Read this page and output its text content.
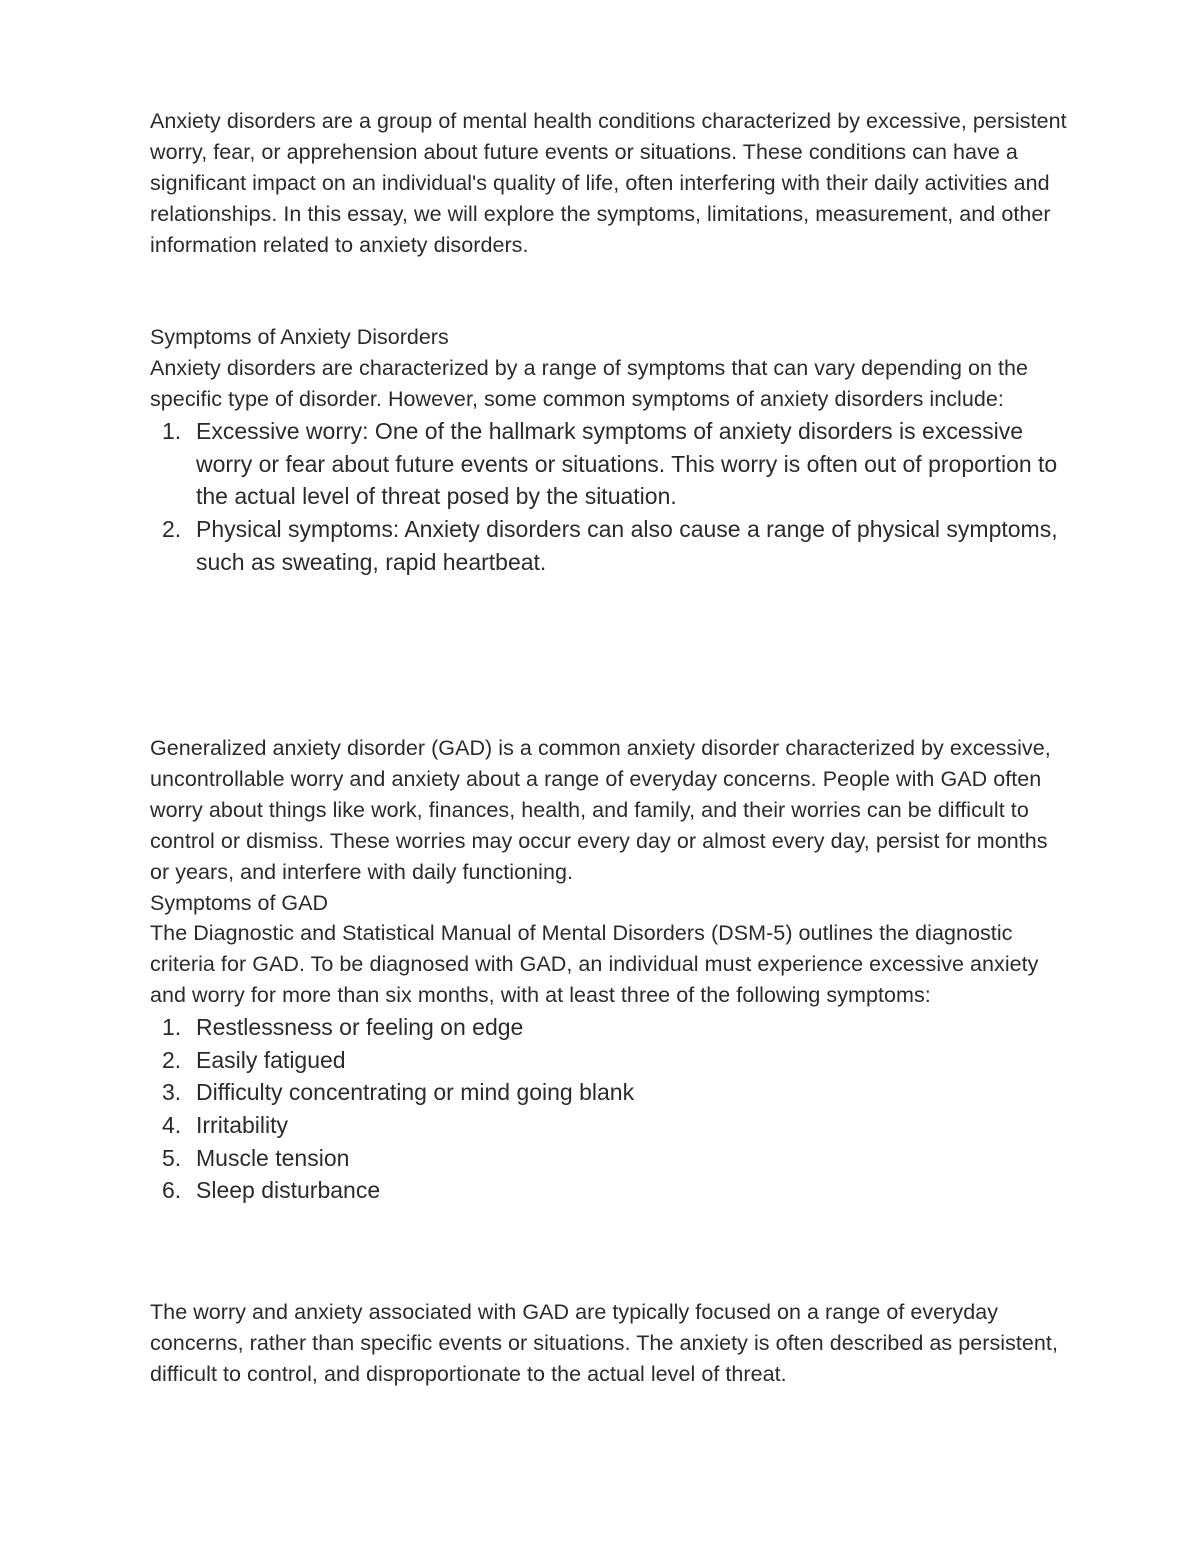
Anxiety disorders are a group of mental health conditions characterized by excessive, persistent worry, fear, or apprehension about future events or situations. These conditions can have a significant impact on an individual's quality of life, often interfering with their daily activities and relationships. In this essay, we will explore the symptoms, limitations, measurement, and other information related to anxiety disorders.

Symptoms of Anxiety Disorders

Anxiety disorders are characterized by a range of symptoms that can vary depending on the specific type of disorder. However, some common symptoms of anxiety disorders include:

1. Excessive worry: One of the hallmark symptoms of anxiety disorders is excessive worry or fear about future events or situations. This worry is often out of proportion to the actual level of threat posed by the situation.
2. Physical symptoms: Anxiety disorders can also cause a range of physical symptoms, such as sweating, rapid heartbeat.

Generalized anxiety disorder (GAD) is a common anxiety disorder characterized by excessive, uncontrollable worry and anxiety about a range of everyday concerns. People with GAD often worry about things like work, finances, health, and family, and their worries can be difficult to control or dismiss. These worries may occur every day or almost every day, persist for months or years, and interfere with daily functioning.

Symptoms of GAD

The Diagnostic and Statistical Manual of Mental Disorders (DSM-5) outlines the diagnostic criteria for GAD. To be diagnosed with GAD, an individual must experience excessive anxiety and worry for more than six months, with at least three of the following symptoms:

1. Restlessness or feeling on edge
2. Easily fatigued
3. Difficulty concentrating or mind going blank
4. Irritability
5. Muscle tension
6. Sleep disturbance

The worry and anxiety associated with GAD are typically focused on a range of everyday concerns, rather than specific events or situations. The anxiety is often described as persistent, difficult to control, and disproportionate to the actual level of threat.
